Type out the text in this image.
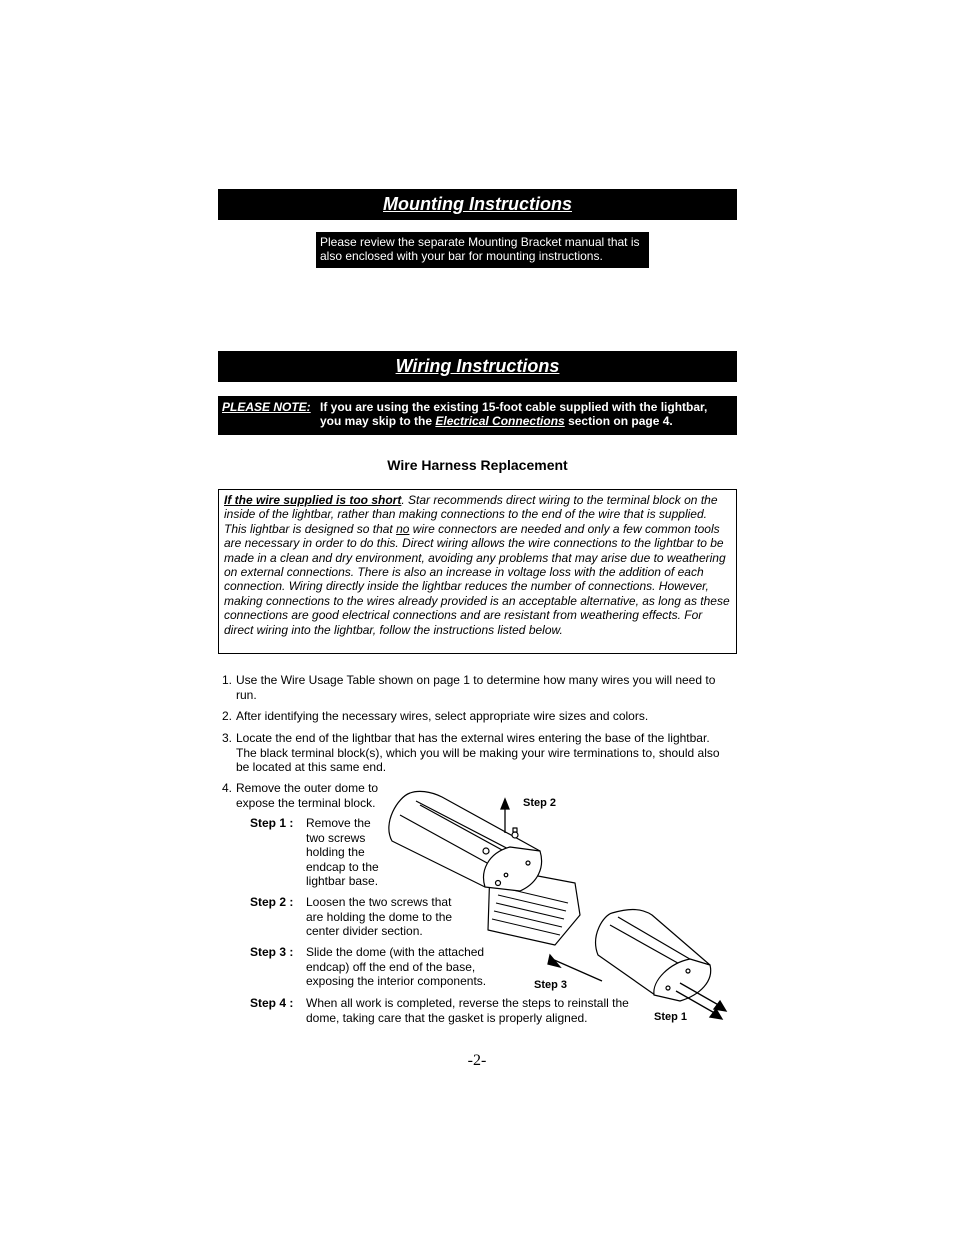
Mounting Instructions
Please review the separate Mounting Bracket manual that is also enclosed with your bar for mounting instructions.
Wiring Instructions
PLEASE NOTE: If you are using the existing 15-foot cable supplied with the lightbar,
you may skip to the Electrical Connections section on page 4.
Wire Harness Replacement
If the wire supplied is too short. Star recommends direct wiring to the terminal block on the inside of the lightbar, rather than making connections to the end of the wire that is supplied. This lightbar is designed so that no wire connectors are needed and only a few common tools are necessary in order to do this. Direct wiring allows the wire connections to the lightbar to be made in a clean and dry environment, avoiding any problems that may arise due to weathering on external connections. There is also an increase in voltage loss with the addition of each connection. Wiring directly inside the lightbar reduces the number of connections. However, making connections to the wires already provided is an acceptable alternative, as long as these connections are good electrical connections and are resistant from weathering effects. For direct wiring into the lightbar, follow the instructions listed below.
1. Use the Wire Usage Table shown on page 1 to determine how many wires you will need to run.
2. After identifying the necessary wires, select appropriate wire sizes and colors.
3. Locate the end of the lightbar that has the external wires entering the base of the lightbar. The black terminal block(s), which you will be making your wire terminations to, should also be located at this same end.
4. Remove the outer dome to expose the terminal block.
Step 1 : Remove the two screws holding the endcap to the lightbar base.
Step 2 : Loosen the two screws that are holding the dome to the center divider section.
Step 3 : Slide the dome (with the attached endcap) off the end of the base, exposing the interior components.
Step 4 : When all work is completed, reverse the steps to reinstall the dome, taking care that the gasket is properly aligned.
Step 2
Step 3
Step 1
-2-
